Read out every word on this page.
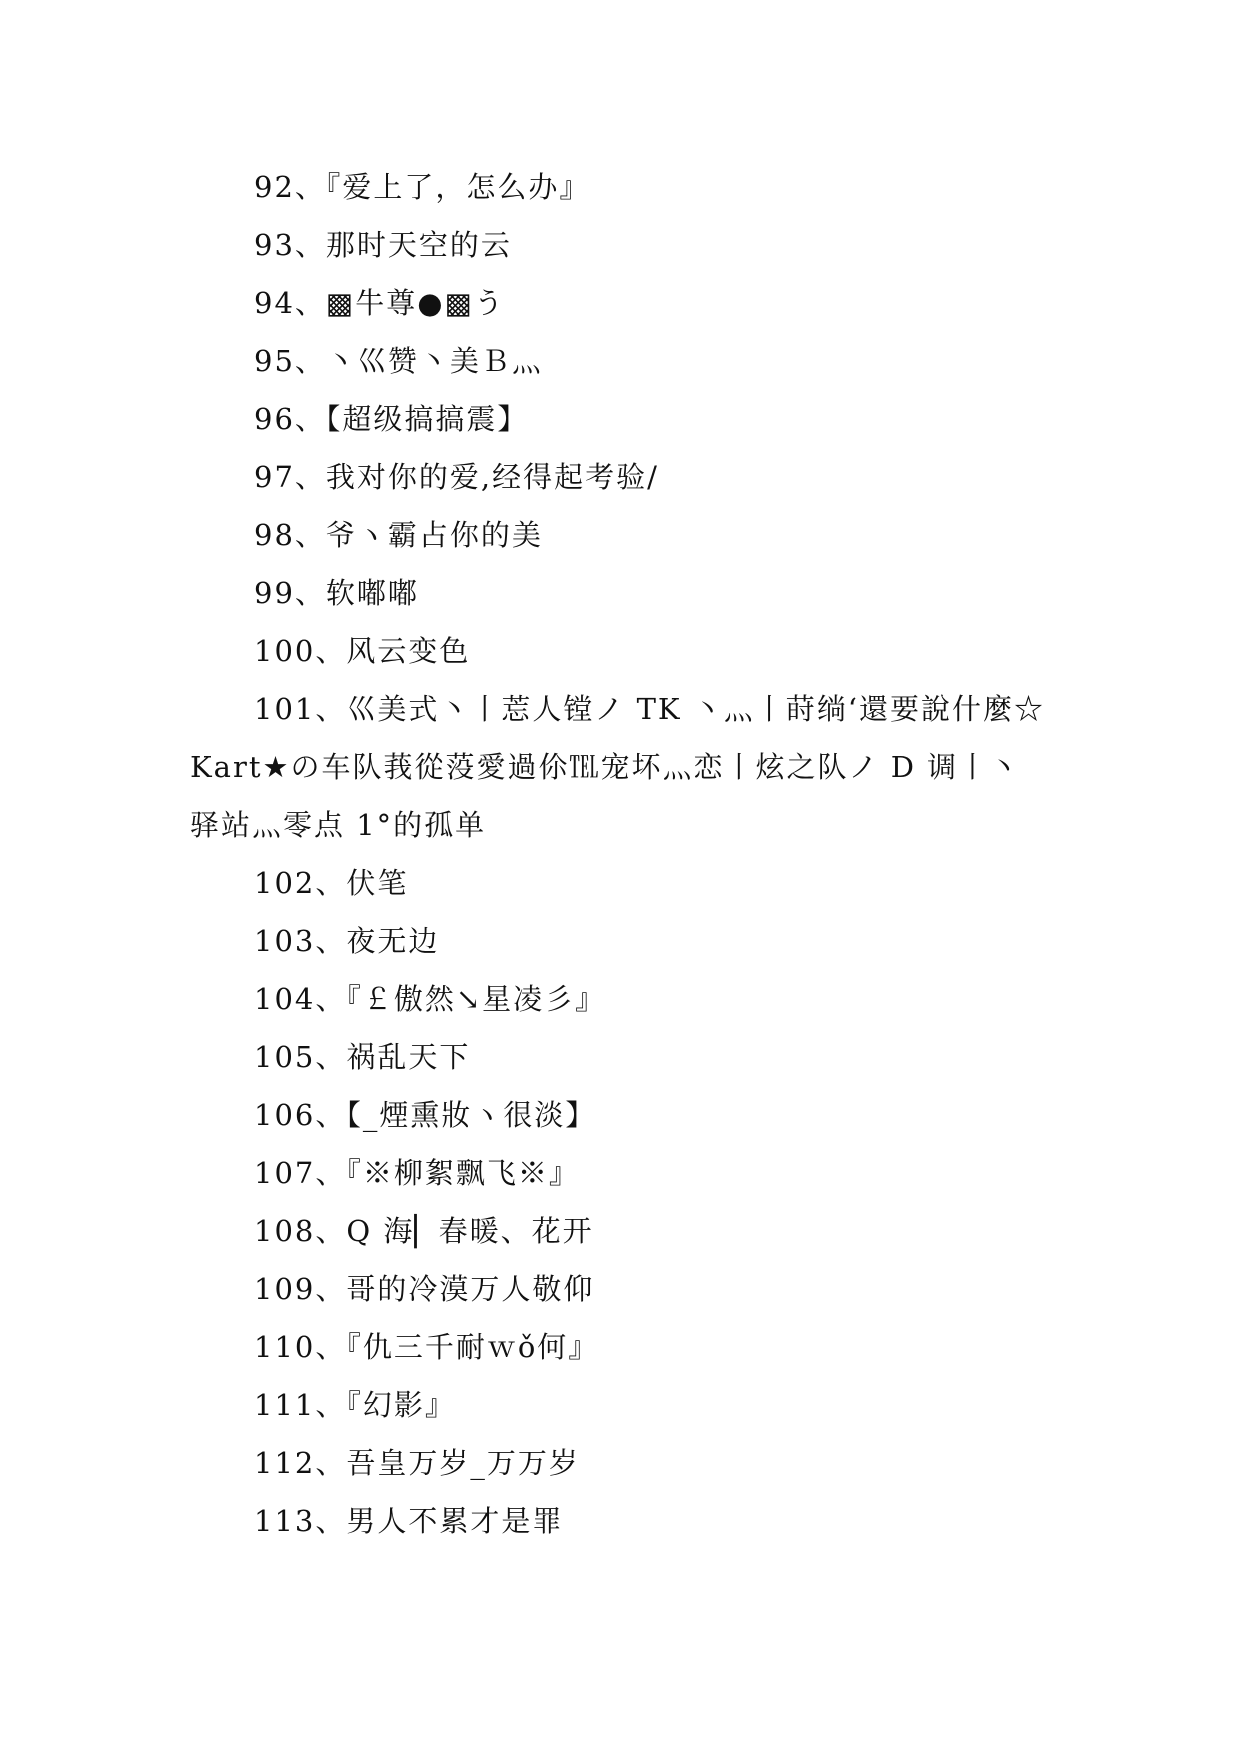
92、『爱上了，怎么办』
93、那时天空的云
94、▩牛尊●▩う
95、丶巛赞丶美Ｂ灬
96、【超级搞搞震】
97、我对你的爱,经得起考验/
98、爷ヽ霸占你的美
99、软嘟嘟
100、风云变色
101、巛美式丶丨莣人镗ノ TK 丶灬丨莳绱‘還要說什麼☆Kart★の车队莪從莈愛過伱℡宠坏灬恋丨炫之队ノ D 调丨丶驿站灬零点 1°的孤单
102、伏笔
103、夜无边
104、『￡傲然↘星凌彡』
105、祸乱天下
106、【_煙熏妝ヽ很淡】
107、『※柳絮飘飞※』
108、Q 海▏春暖、花开
109、哥的冷漠万人敬仰
110、『仇三千耐ｗǒ何』
111、『幻影』
112、吾皇万岁_万万岁
113、男人不累才是罪
